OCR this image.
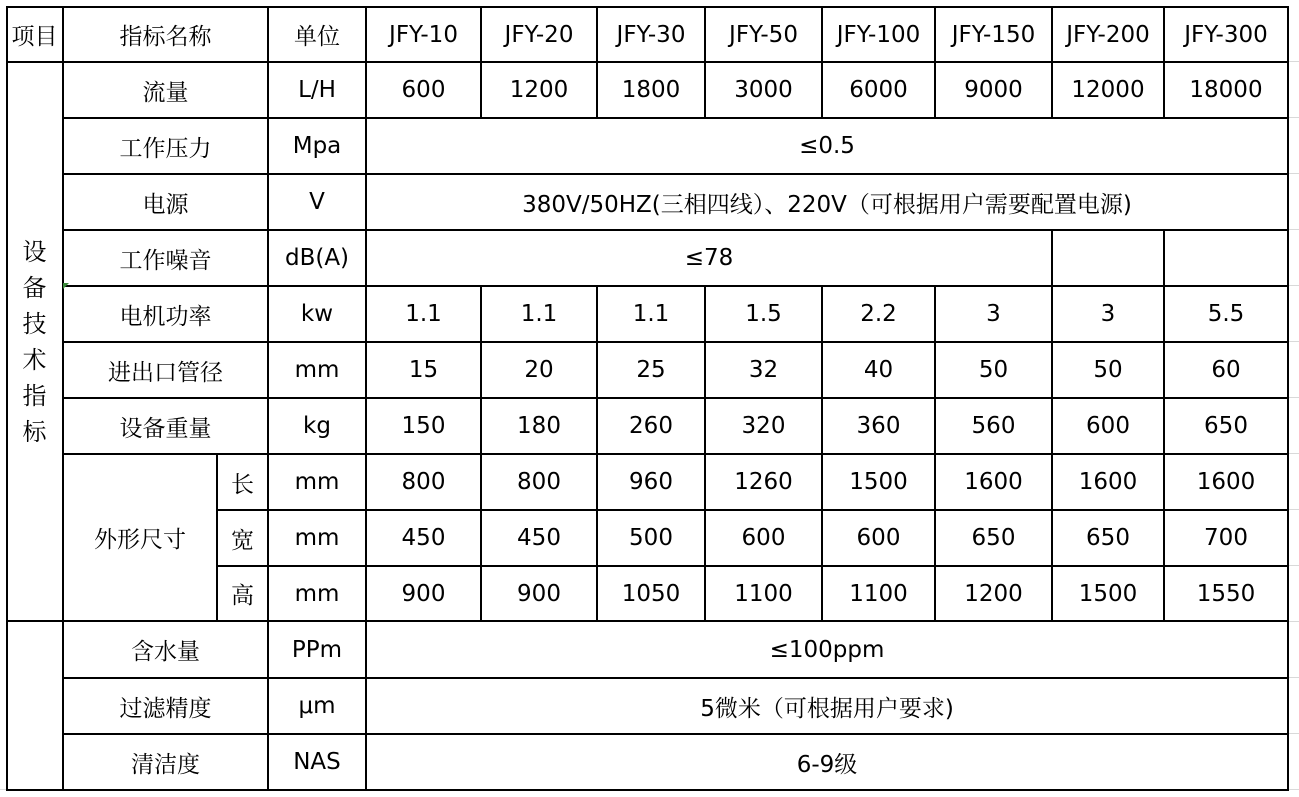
项目	指标名称	单位	JFY-10	JFY-20	JFY-30	JFY-50	JFY-100	JFY-150	JFY-200	JFY-300
设
备
技
术
指
标
流量	L/H	600	1200	1800	3000	6000	9000	12000	18000
工作压力	Mpa	≤0.5
电源	V	380V/50HZ(三相四线）、220V（可根据用户需要配置电源)
工作噪音	dB(A)	≤78
电机功率	kw	1.1	1.1	1.1	1.5	2.2	3	3	5.5
进出口管径	mm	15	20	25	32	40	50	50	60
设备重量	kg	150	180	260	320	360	560	600	650
外形尺寸
长	mm	800	800	960	1260	1500	1600	1600	1600
宽	mm	450	450	500	600	600	650	650	700
高	mm	900	900	1050	1100	1100	1200	1500	1550
含水量	PPm	≤100ppm
过滤精度	μm	5微米（可根据用户要求)
清洁度	NAS	6-9级
